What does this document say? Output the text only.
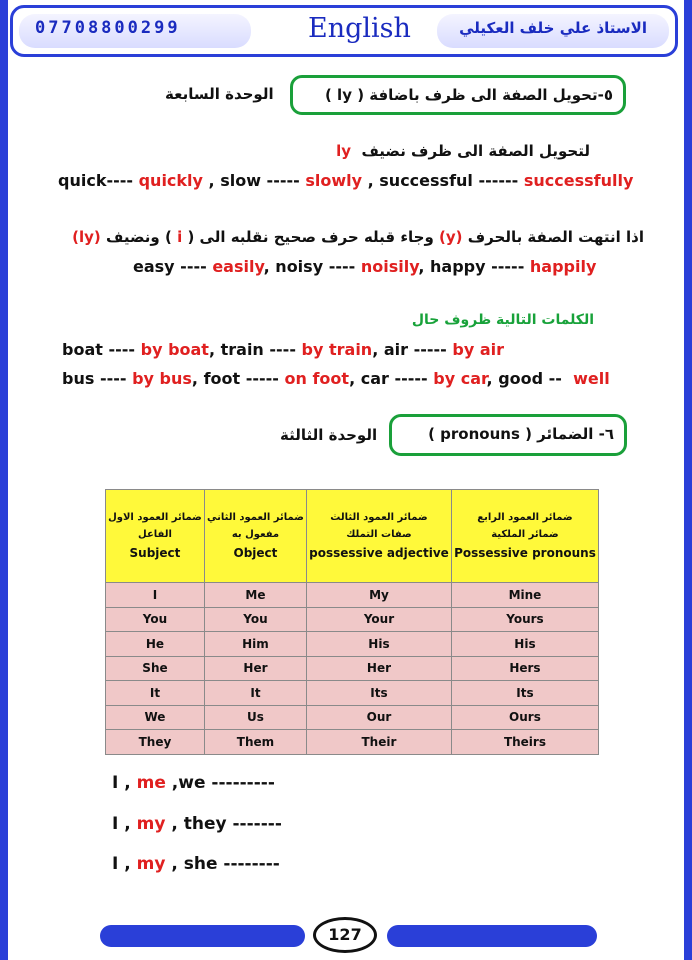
07708800299	English	الاستاذ علي خلف العكيلي
٥-تحويل الصفة الى ظرف باضافة ( ly )
الوحدة السابعة
لتحويل الصفة الى ظرف نضيف  ly
quick---- quickly , slow ----- slowly , successful ------ successfully
اذا انتهت الصفة بالحرف (y) وجاء قبله حرف صحيح نقلبه الى ( i ) ونضيف (ly)
easy ---- easily, noisy ---- noisily, happy ----- happily
الكلمات التالية ظروف حال
boat ---- by boat, train ---- by train, air ----- by air
bus ---- by bus, foot ----- on foot, car ----- by car, good -- well
٦- الضمائر ( pronouns )
الوحدة الثالثة
ضمائر العمود الاول
الفاعل
Subject	ضمائر العمود الثاني
مفعول به
Object	ضمائر العمود الثالث
صفات التملك
possessive adjective	ضمائر العمود الرابع
ضمائر الملكية
Possessive pronouns

I	Me	My	Mine
You	You	Your	Yours
He	Him	His	His
She	Her	Her	Hers
It	It	Its	Its
We	Us	Our	Ours
They	Them	Their	Theirs
I , me ,we ---------
I , my , they -------
I , my , she --------
127
